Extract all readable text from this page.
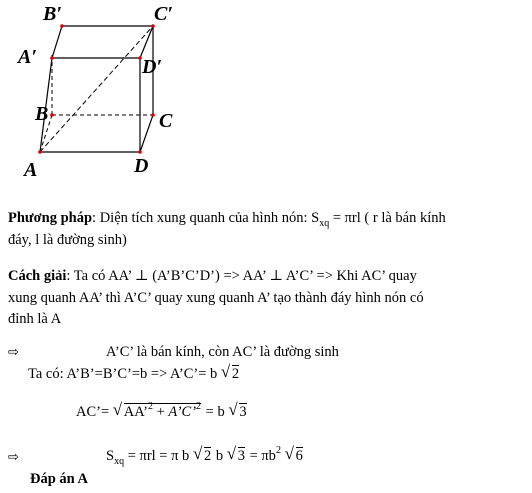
B′	C′
A′	D′
B	C
A	D
Phương pháp: Diện tích xung quanh của hình nón: $S_{xq} = \pi rl$ ( r là bán kính
đáy, l là đường sinh)
Cách giải: Ta có AA’ ⊥ (A’B’C’D’) => AA’ ⊥ A’C’ => Khi AC’ quay
xung quanh AA’ thì A’C’ quay xung quanh A’ tạo thành đáy hình nón có
đỉnh là A
⇨	A’C’ là bán kính, còn AC’ là đường sinh
Ta có: A’B’=B’C’=b => A’C’= b √ 2
AC’= √ AA’$^2$ + A’C’$^2$ = b √ 3
⇨	$S_{xq} = \pi rl = \pi$ b √ 2 b √ $3 = \pi b^2$ √ 6
Đáp án A
